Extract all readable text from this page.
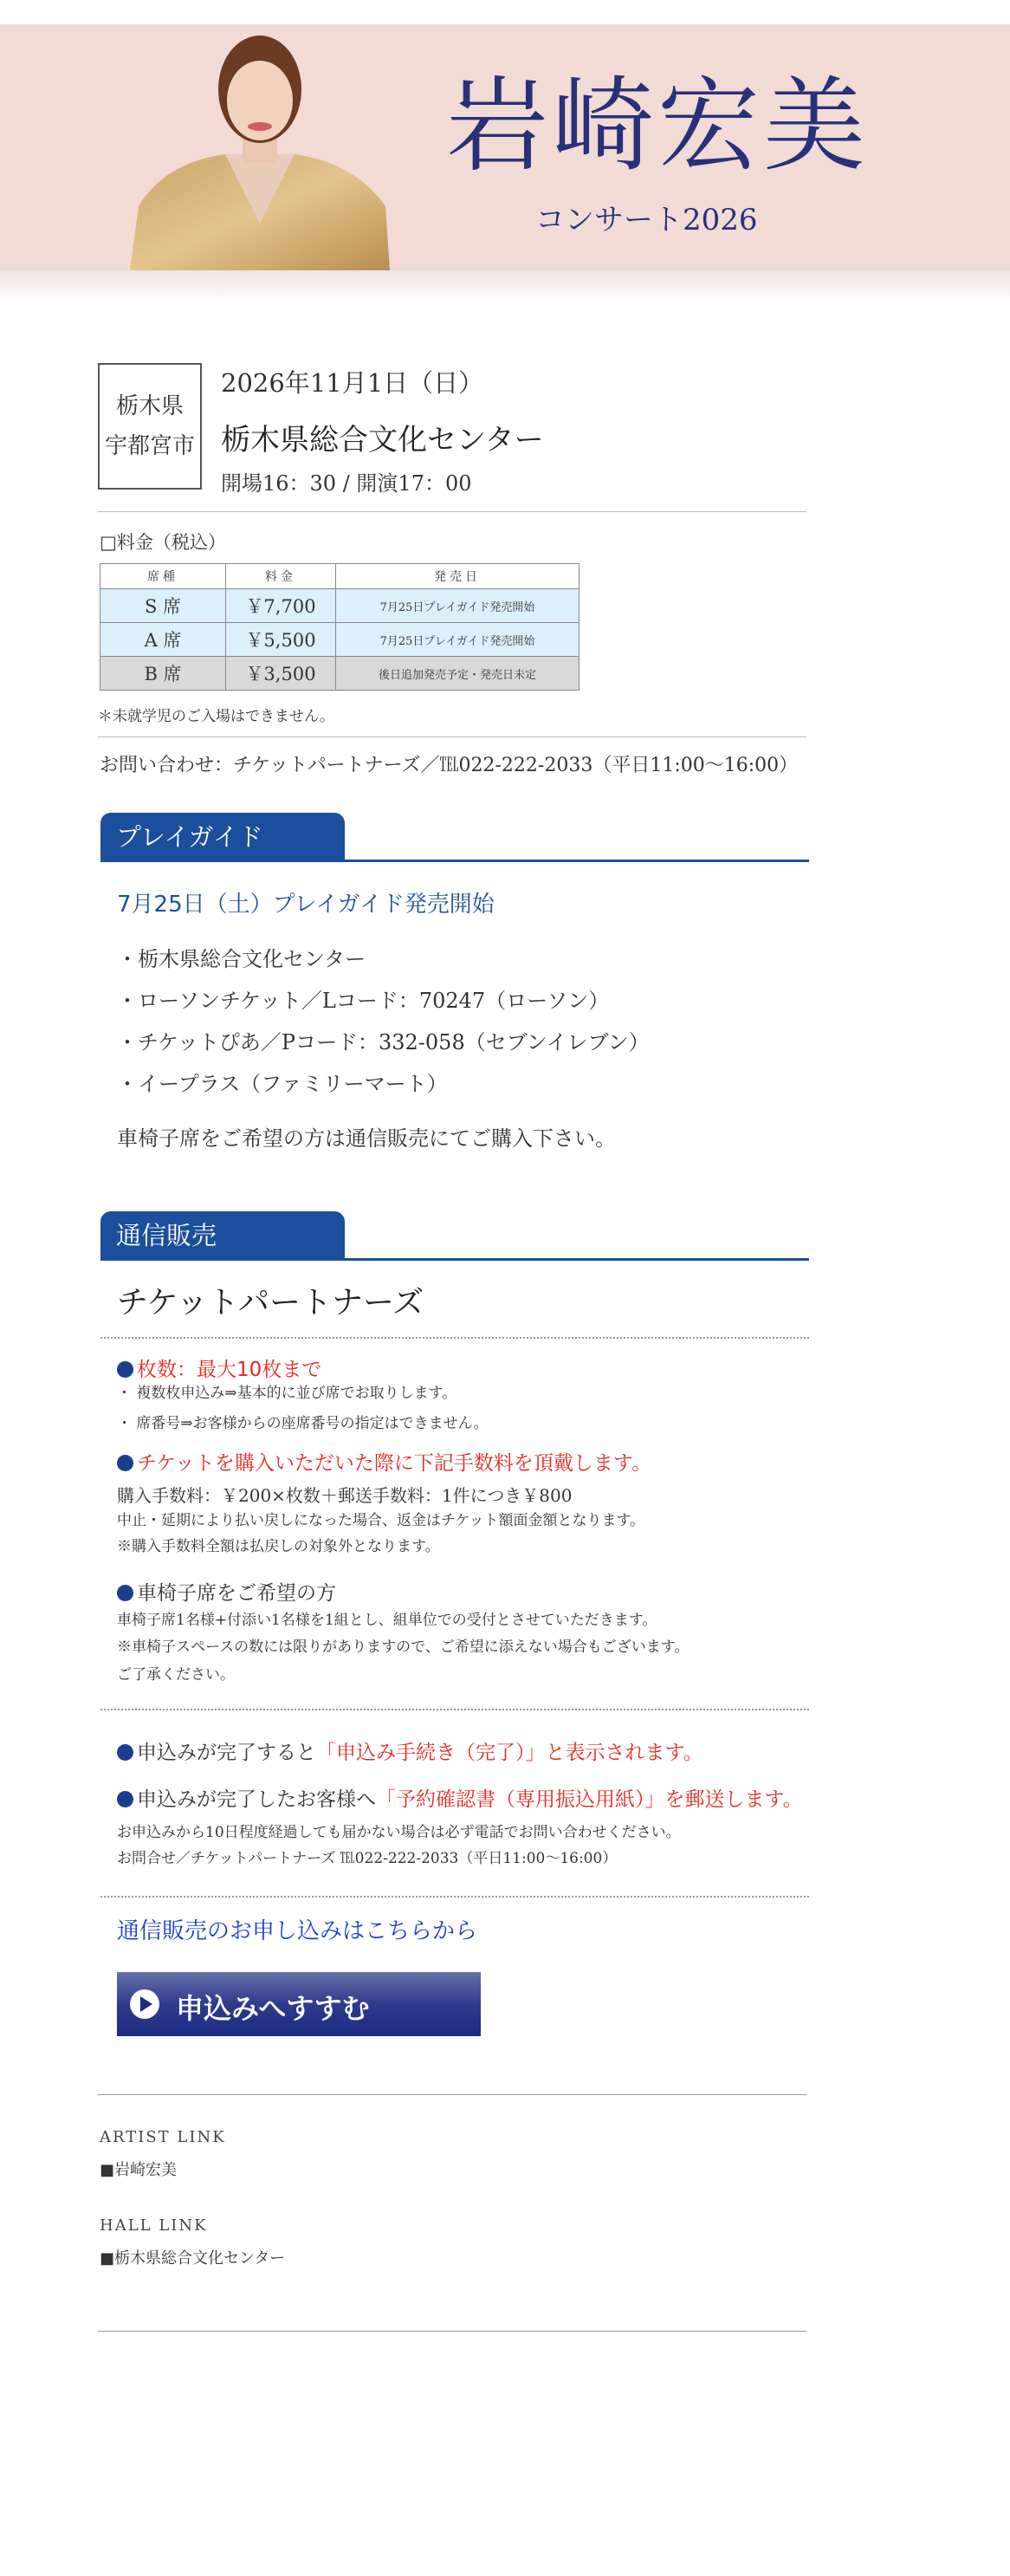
岩崎宏美
コンサート2026
栃木県
宇都宮市
2026年11月1日（日）
栃木県総合文化センター
開場16：30 / 開演17：00
□料金（税込）
席種	料金	発売日
S 席	￥7,700	7月25日プレイガイド発売開始
A 席	￥5,500	7月25日プレイガイド発売開始
B 席	￥3,500	後日追加発売予定・発売日未定
＊未就学児のご入場はできません。
お問い合わせ：チケットパートナーズ／℡022-222-2033（平日11:00〜16:00）
プレイガイド
7月25日（土）プレイガイド発売開始
・栃木県総合文化センター
・ローソンチケット／Lコード：70247（ローソン）
・チケットぴあ／Pコード：332-058（セブンイレブン）
・イープラス（ファミリーマート）
車椅子席をご希望の方は通信販売にてご購入下さい。
通信販売
チケットパートナーズ
枚数：最大10枚まで
・ 複数枚申込み⇒基本的に並び席でお取りします。
・ 席番号⇒お客様からの座席番号の指定はできません。
チケットを購入いただいた際に下記手数料を頂戴します。
購入手数料：￥200×枚数＋郵送手数料：1件につき￥800
中止・延期により払い戻しになった場合、返金はチケット額面金額となります。
※購入手数料全額は払戻しの対象外となります。
車椅子席をご希望の方
車椅子席1名様+付添い1名様を1組とし、組単位での受付とさせていただきます。
※車椅子スペースの数には限りがありますので、ご希望に添えない場合もございます。
ご了承ください。
申込みが完了すると「申込み手続き（完了）」と表示されます。
申込みが完了したお客様へ「予約確認書（専用振込用紙）」を郵送します。
お申込みから10日程度経過しても届かない場合は必ず電話でお問い合わせください。
お問合せ／チケットパートナーズ ℡022-222-2033（平日11:00〜16:00）
通信販売のお申し込みはこちらから
申込みへすすむ
ARTIST LINK
■岩崎宏美
HALL LINK
■栃木県総合文化センター
